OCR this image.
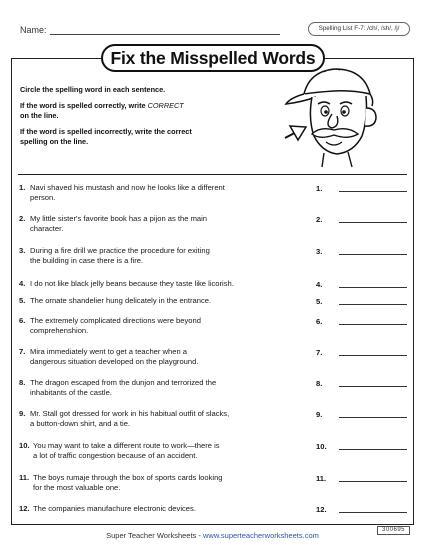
Name:	Spelling List F-7: /ch/, /sh/, /j/
Fix the Misspelled Words
Circle the spelling word in each sentence.
If the word is spelled correctly, write CORRECT
on the line.
If the word is spelled incorrectly, write the correct
spelling on the line.
1. Navi shaved his mustash and now he looks like a different
person.
1.
2. My little sister's favorite book has a pijon as the main
character.
2.
3. During a fire drill we practice the procedure for exiting
the building in case there is a fire.
3.
4. I do not like black jelly beans because they taste like licorish.	4.
5. The ornate shandelier hung delicately in the entrance.	5.
6. The extremely complicated directions were beyond
comprehenshion.
6.
7. Mira immediately went to get a teacher when a
dangerous situation developed on the playground.
7.
8. The dragon escaped from the dunjon and terrorized the
inhabitants of the castle.
8.
9. Mr. Stall got dressed for work in his habitual outfit of slacks,
a button-down shirt, and a tie.
9.
10. You may want to take a different route to work—there is
a lot of traffic congestion because of an accident.
10.
11. The boys rumaje through the box of sports cards looking
for the most valuable one.
11.
12. The companies manufachure electronic devices.	12.
Super Teacher Worksheets - www.superteacherworksheets.com
300695
